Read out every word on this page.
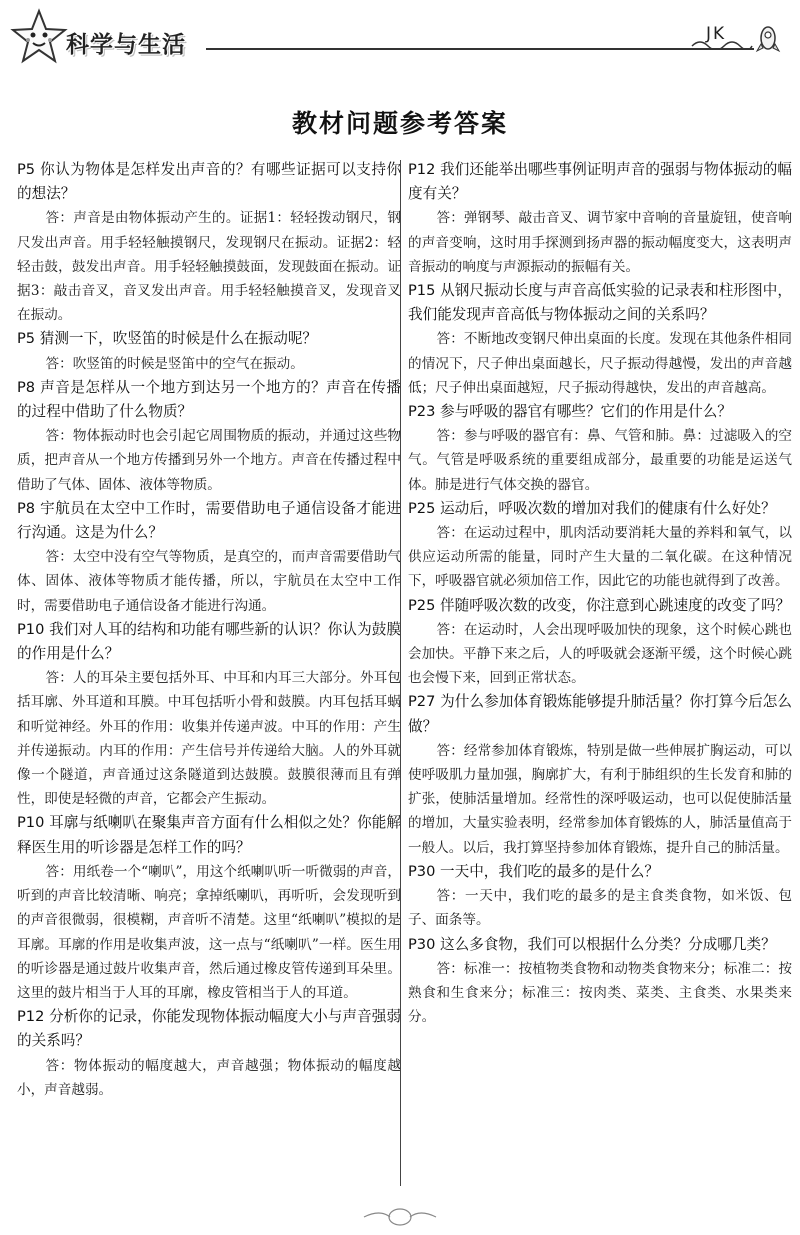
科学与生活	JK
教材问题参考答案

P5 你认为物体是怎样发出声音的？有哪些证据可以支持你的想法？

答：声音是由物体振动产生的。证据1：轻轻拨动钢尺，钢尺发出声音。用手轻轻触摸钢尺，发现钢尺在振动。证据2：轻轻击鼓，鼓发出声音。用手轻轻触摸鼓面，发现鼓面在振动。证据3：敲击音叉，音叉发出声音。用手轻轻触摸音叉，发现音叉在振动。

P5 猜测一下，吹竖笛的时候是什么在振动呢？

答：吹竖笛的时候是竖笛中的空气在振动。

P8 声音是怎样从一个地方到达另一个地方的？声音在传播的过程中借助了什么物质？

答：物体振动时也会引起它周围物质的振动，并通过这些物质，把声音从一个地方传播到另外一个地方。声音在传播过程中借助了气体、固体、液体等物质。

P8 宇航员在太空中工作时，需要借助电子通信设备才能进行沟通。这是为什么？

答：太空中没有空气等物质，是真空的，而声音需要借助气体、固体、液体等物质才能传播，所以，宇航员在太空中工作时，需要借助电子通信设备才能进行沟通。

P10 我们对人耳的结构和功能有哪些新的认识？你认为鼓膜的作用是什么？

答：人的耳朵主要包括外耳、中耳和内耳三大部分。外耳包括耳廓、外耳道和耳膜。中耳包括听小骨和鼓膜。内耳包括耳蜗和听觉神经。外耳的作用：收集并传递声波。中耳的作用：产生并传递振动。内耳的作用：产生信号并传递给大脑。人的外耳就像一个隧道，声音通过这条隧道到达鼓膜。鼓膜很薄而且有弹性，即使是轻微的声音，它都会产生振动。

P10 耳廓与纸喇叭在聚集声音方面有什么相似之处？你能解释医生用的听诊器是怎样工作的吗？

答：用纸卷一个“喇叭”，用这个纸喇叭听一听微弱的声音，听到的声音比较清晰、响亮；拿掉纸喇叭，再听听，会发现听到的声音很微弱，很模糊，声音听不清楚。这里“纸喇叭”模拟的是耳廓。耳廓的作用是收集声波，这一点与“纸喇叭”一样。医生用的听诊器是通过鼓片收集声音，然后通过橡皮管传递到耳朵里。这里的鼓片相当于人耳的耳廓，橡皮管相当于人的耳道。

P12 分析你的记录，你能发现物体振动幅度大小与声音强弱的关系吗？

答：物体振动的幅度越大，声音越强；物体振动的幅度越小，声音越弱。

P12 我们还能举出哪些事例证明声音的强弱与物体振动的幅度有关？

答：弹钢琴、敲击音叉、调节家中音响的音量旋钮，使音响的声音变响，这时用手探测到扬声器的振动幅度变大，这表明声音振动的响度与声源振动的振幅有关。

P15 从钢尺振动长度与声音高低实验的记录表和柱形图中，我们能发现声音高低与物体振动之间的关系吗？

答：不断地改变钢尺伸出桌面的长度。发现在其他条件相同的情况下，尺子伸出桌面越长，尺子振动得越慢，发出的声音越低；尺子伸出桌面越短，尺子振动得越快，发出的声音越高。

P23 参与呼吸的器官有哪些？它们的作用是什么？

答：参与呼吸的器官有：鼻、气管和肺。鼻：过滤吸入的空气。气管是呼吸系统的重要组成部分，最重要的功能是运送气体。肺是进行气体交换的器官。

P25 运动后，呼吸次数的增加对我们的健康有什么好处？

答：在运动过程中，肌肉活动要消耗大量的养料和氧气，以供应运动所需的能量，同时产生大量的二氧化碳。在这种情况下，呼吸器官就必须加倍工作，因此它的功能也就得到了改善。

P25 伴随呼吸次数的改变，你注意到心跳速度的改变了吗？

答：在运动时，人会出现呼吸加快的现象，这个时候心跳也会加快。平静下来之后，人的呼吸就会逐渐平缓，这个时候心跳也会慢下来，回到正常状态。

P27 为什么参加体育锻炼能够提升肺活量？你打算今后怎么做？

答：经常参加体育锻炼，特别是做一些伸展扩胸运动，可以使呼吸肌力量加强，胸廓扩大，有利于肺组织的生长发育和肺的扩张，使肺活量增加。经常性的深呼吸运动，也可以促使肺活量的增加，大量实验表明，经常参加体育锻炼的人，肺活量值高于一般人。以后，我打算坚持参加体育锻炼，提升自己的肺活量。

P30 一天中，我们吃的最多的是什么？

答：一天中，我们吃的最多的是主食类食物，如米饭、包子、面条等。

P30 这么多食物，我们可以根据什么分类？分成哪几类？

答：标准一：按植物类食物和动物类食物来分；标准二：按熟食和生食来分；标准三：按肉类、菜类、主食类、水果类来分。
